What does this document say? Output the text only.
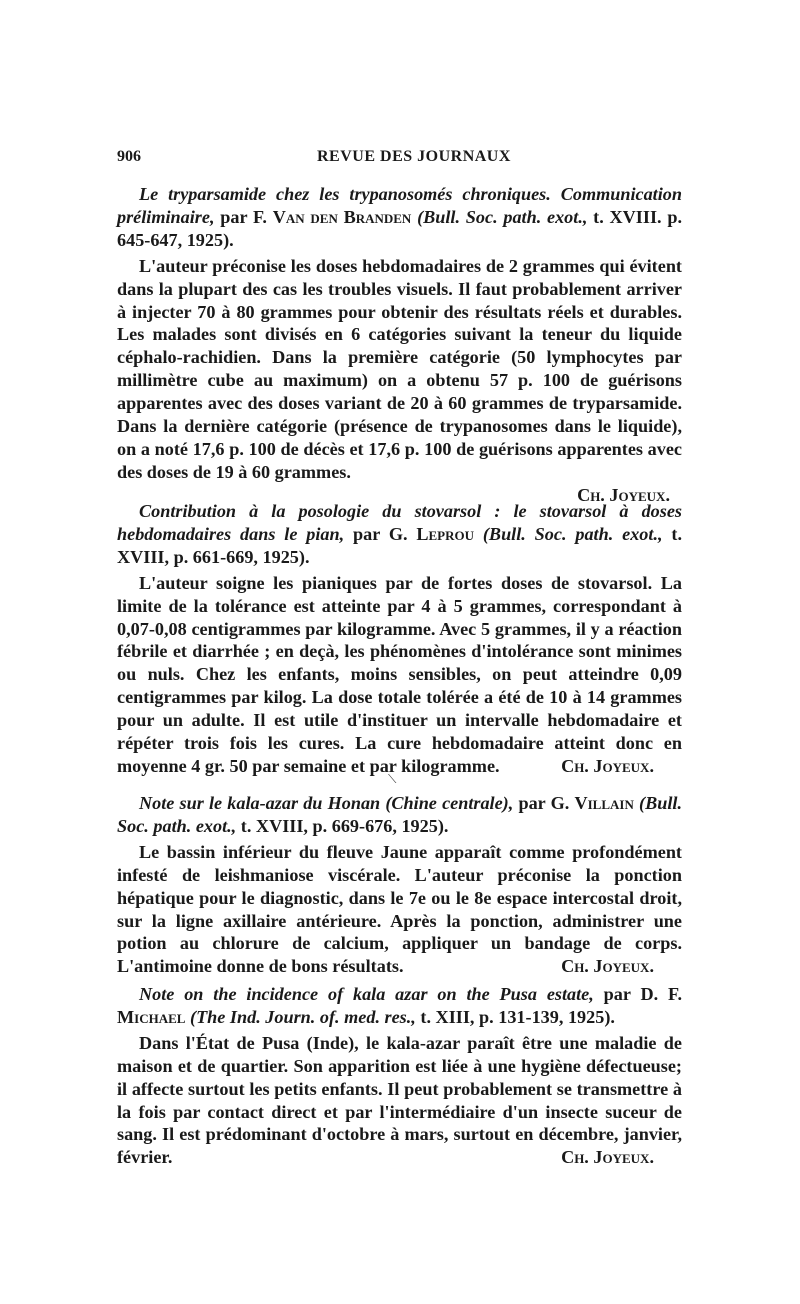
906	REVUE DES JOURNAUX
Le tryparsamide chez les trypanosomés chroniques. Communication préliminaire, par F. Van den Branden (Bull. Soc. path. exot., t. XVIII. p. 645-647, 1925).
L'auteur préconise les doses hebdomadaires de 2 grammes qui évitent dans la plupart des cas les troubles visuels. Il faut probablement arriver à injecter 70 à 80 grammes pour obtenir des résultats réels et durables. Les malades sont divisés en 6 catégories suivant la teneur du liquide céphalo-rachidien. Dans la première catégorie (50 lymphocytes par millimètre cube au maximum) on a obtenu 57 p. 100 de guérisons apparentes avec des doses variant de 20 à 60 grammes de tryparsamide. Dans la dernière catégorie (présence de trypanosomes dans le liquide), on a noté 17,6 p. 100 de décès et 17,6 p. 100 de guérisons apparentes avec des doses de 19 à 60 grammes.
Ch. Joyeux.
Contribution à la posologie du stovarsol : le stovarsol à doses hebdomadaires dans le pian, par G. Leprou (Bull. Soc. path. exot., t. XVIII, p. 661-669, 1925).
L'auteur soigne les pianiques par de fortes doses de stovarsol. La limite de la tolérance est atteinte par 4 à 5 grammes, correspondant à 0,07-0,08 centigrammes par kilogramme. Avec 5 grammes, il y a réaction fébrile et diarrhée ; en deçà, les phénomènes d'intolérance sont minimes ou nuls. Chez les enfants, moins sensibles, on peut atteindre 0,09 centigrammes par kilog. La dose totale tolérée a été de 10 à 14 grammes pour un adulte. Il est utile d'instituer un intervalle hebdomadaire et répéter trois fois les cures. La cure hebdomadaire atteint donc en moyenne 4 gr. 50 par semaine et par kilogramme.	Ch. Joyeux.
⟍
Note sur le kala-azar du Honan (Chine centrale), par G. Villain (Bull. Soc. path. exot., t. XVIII, p. 669-676, 1925).
Le bassin inférieur du fleuve Jaune apparaît comme profondément infesté de leishmaniose viscérale. L'auteur préconise la ponction hépatique pour le diagnostic, dans le 7e ou le 8e espace intercostal droit, sur la ligne axillaire antérieure. Après la ponction, administrer une potion au chlorure de calcium, appliquer un bandage de corps. L'antimoine donne de bons résultats.	Ch. Joyeux.
Note on the incidence of kala azar on the Pusa estate, par D. F. Michael (The Ind. Journ. of. med. res., t. XIII, p. 131-139, 1925).
Dans l'État de Pusa (Inde), le kala-azar paraît être une maladie de maison et de quartier. Son apparition est liée à une hygiène défectueuse; il affecte surtout les petits enfants. Il peut probablement se transmettre à la fois par contact direct et par l'intermédiaire d'un insecte suceur de sang. Il est prédominant d'octobre à mars, surtout en décembre, janvier, février.	Ch. Joyeux.
